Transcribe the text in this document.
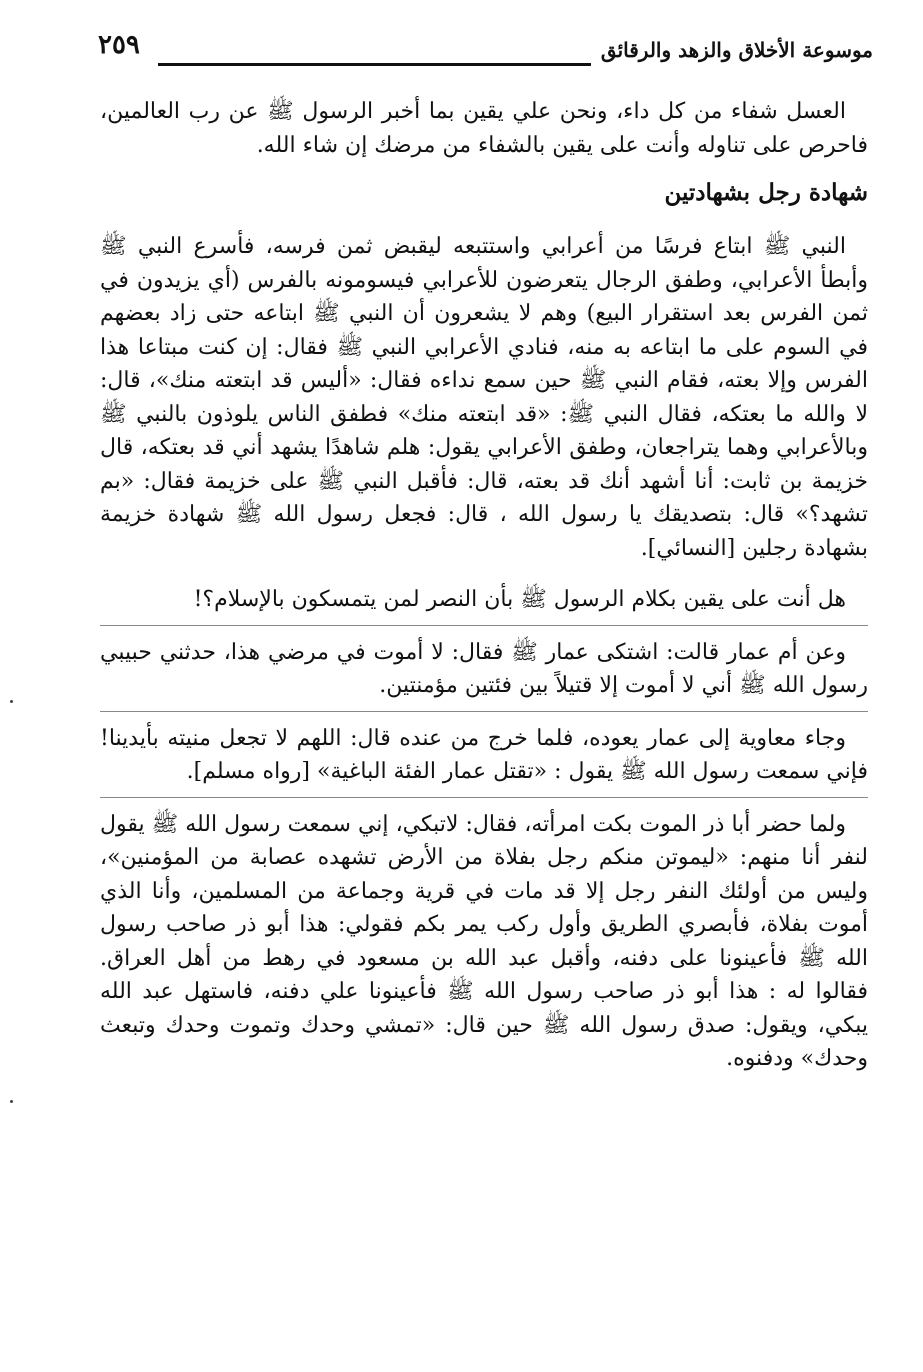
موسوعة الأخلاق والزهد والرقائق
٢٥٩

العسل شفاء من كل داء، ونحن علي يقين بما أخبر الرسول ﷺ عن رب العالمين، فاحرص على تناوله وأنت على يقين بالشفاء من مرضك إن شاء الله.

شهادة رجل بشهادتين

النبي ﷺ ابتاع فرسًا من أعرابي واستتبعه ليقبض ثمن فرسه، فأسرع النبي ﷺ وأبطأ الأعرابي، وطفق الرجال يتعرضون للأعرابي فيسومونه بالفرس (أي يزيدون في ثمن الفرس بعد استقرار البيع) وهم لا يشعرون أن النبي ﷺ ابتاعه حتى زاد بعضهم في السوم على ما ابتاعه به منه، فنادي الأعرابي النبي ﷺ فقال: إن كنت مبتاعا هذا الفرس وإلا بعته، فقام النبي ﷺ حين سمع نداءه فقال: «أليس قد ابتعته منك»، قال: لا والله ما بعتكه، فقال النبي ﷺ: «قد ابتعته منك» فطفق الناس يلوذون بالنبي ﷺ وبالأعرابي وهما يتراجعان، وطفق الأعرابي يقول: هلم شاهدًا يشهد أني قد بعتكه، قال خزيمة بن ثابت: أنا أشهد أنك قد بعته، قال: فأقبل النبي ﷺ على خزيمة فقال: «بم تشهد؟» قال: بتصديقك يا رسول الله ، قال: فجعل رسول الله ﷺ شهادة خزيمة بشهادة رجلين [النسائي].

هل أنت على يقين بكلام الرسول ﷺ بأن النصر لمن يتمسكون بالإسلام؟!

وعن أم عمار قالت: اشتكى عمار ﷺ فقال: لا أموت في مرضي هذا، حدثني حبيبي رسول الله ﷺ أني لا أموت إلا قتيلاً بين فئتين مؤمنتين.

وجاء معاوية إلى عمار يعوده، فلما خرج من عنده قال: اللهم لا تجعل منيته بأيدينا! فإني سمعت رسول الله ﷺ يقول : «تقتل عمار الفئة الباغية» [رواه مسلم].

ولما حضر أبا ذر الموت بكت امرأته، فقال: لاتبكي، إني سمعت رسول الله ﷺ يقول لنفر أنا منهم: «ليموتن منكم رجل بفلاة من الأرض تشهده عصابة من المؤمنين»، وليس من أولئك النفر رجل إلا قد مات في قرية وجماعة من المسلمين، وأنا الذي أموت بفلاة، فأبصري الطريق وأول ركب يمر بكم فقولي: هذا أبو ذر صاحب رسول الله ﷺ فأعينونا على دفنه، وأقبل عبد الله بن مسعود في رهط من أهل العراق. فقالوا له : هذا أبو ذر صاحب رسول الله ﷺ فأعينونا علي دفنه، فاستهل عبد الله يبكي، ويقول: صدق رسول الله ﷺ حين قال: «تمشي وحدك وتموت وحدك وتبعث وحدك» ودفنوه.
